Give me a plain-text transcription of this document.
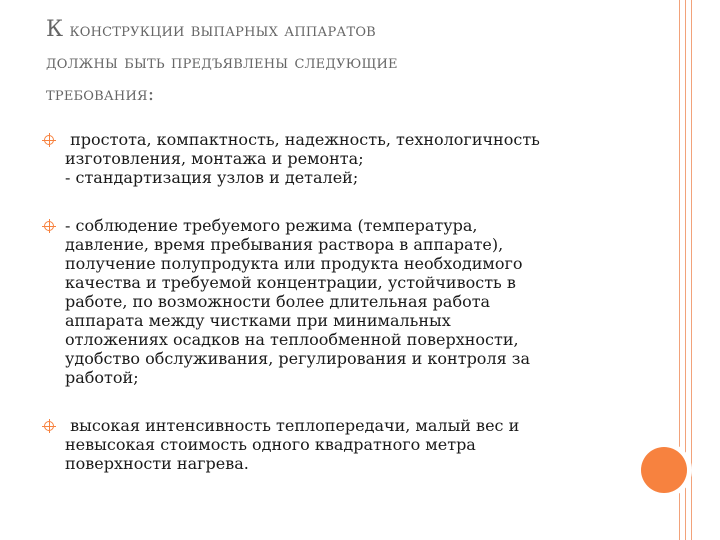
К конструкции выпарных аппаратов
должны быть предъявлены следующие
требования:
простота, компактность, надежность, технологичность
изготовления, монтажа и ремонта;
- стандартизация узлов и деталей;
- соблюдение требуемого режима (температура,
давление, время пребывания раствора в аппарате),
получение полупродукта или продукта необходимого
качества и требуемой концентрации, устойчивость в
работе, по возможности более длительная работа
аппарата между чистками при минимальных
отложениях осадков на теплообменной поверхности,
удобство обслуживания, регулирования и контроля за
работой;
высокая интенсивность теплопередачи, малый вес и
невысокая стоимость одного квадратного метра
поверхности нагрева.
